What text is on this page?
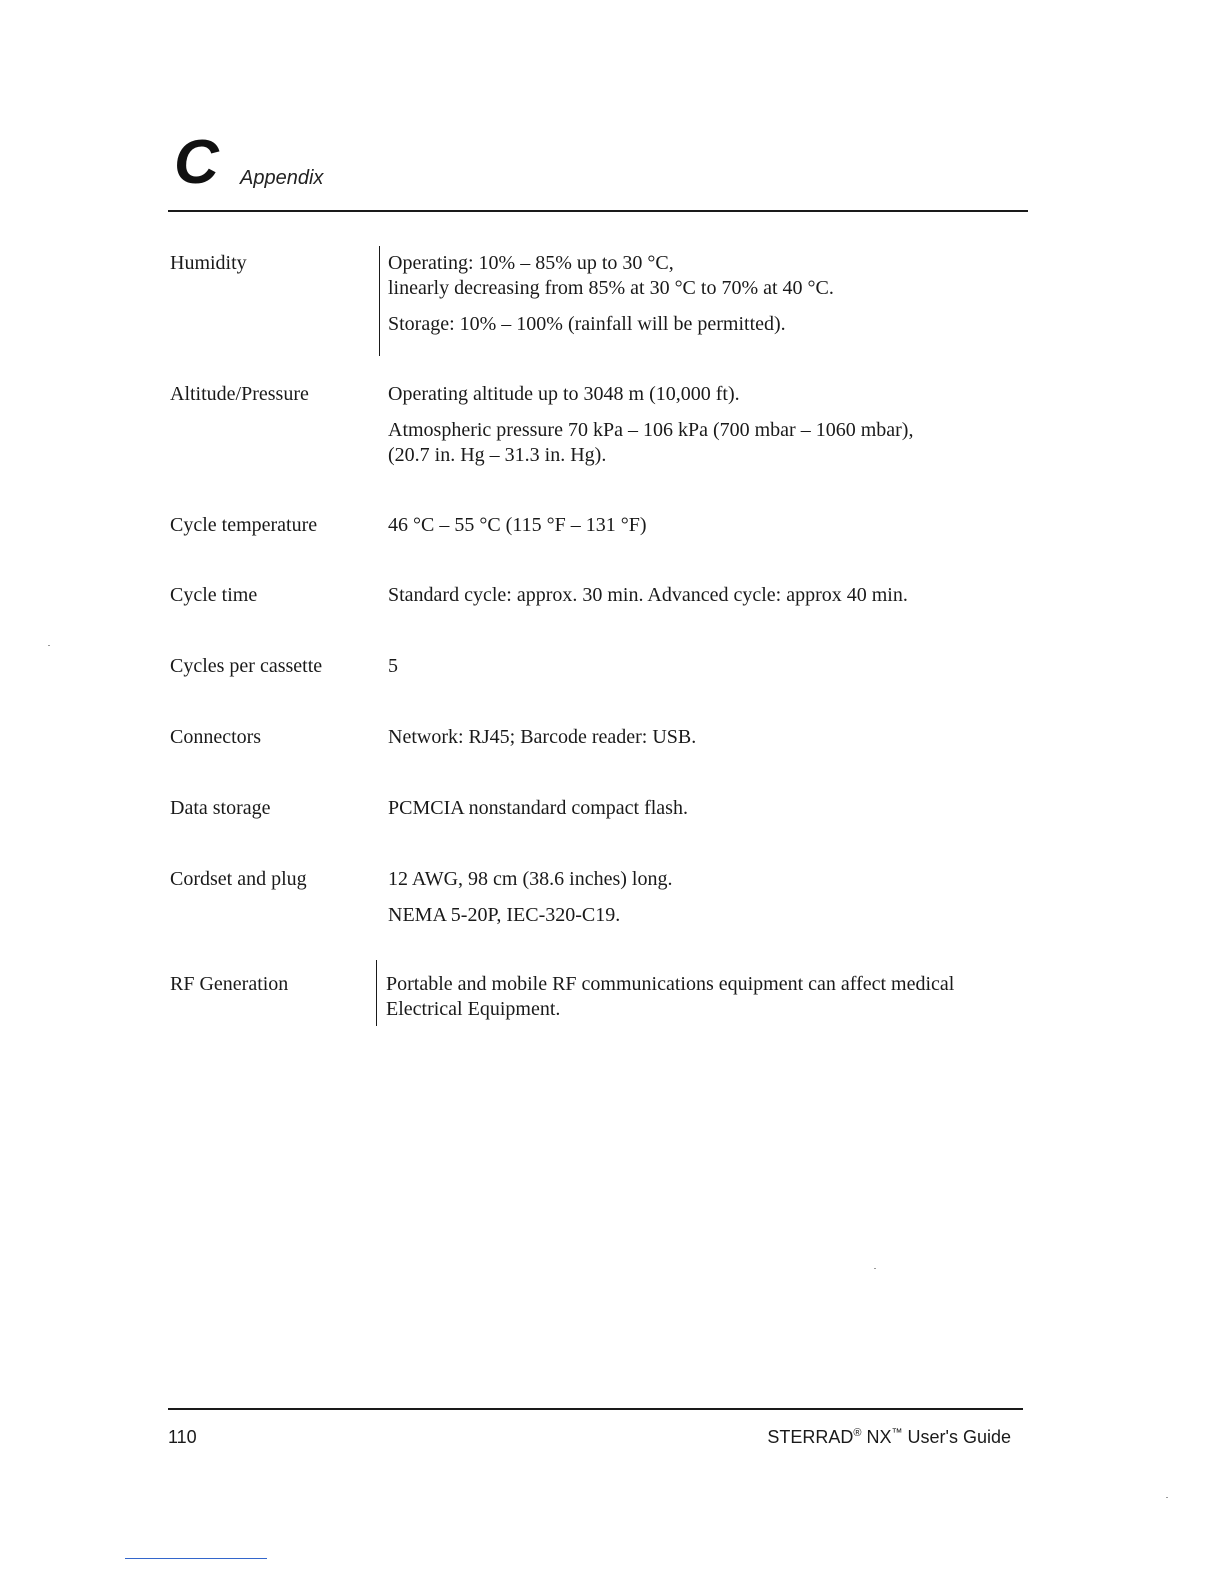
C Appendix
Humidity	Operating: 10% – 85% up to 30 °C,
linearly decreasing from 85% at 30 °C to 70% at 40 °C.

Storage: 10% – 100% (rainfall will be permitted).

Altitude/Pressure	Operating altitude up to 3048 m (10,000 ft).

Atmospheric pressure 70 kPa – 106 kPa (700 mbar – 1060 mbar),
(20.7 in. Hg – 31.3 in. Hg).

Cycle temperature	46 °C – 55 °C (115 °F – 131 °F)

Cycle time	Standard cycle: approx. 30 min. Advanced cycle: approx 40 min.

Cycles per cassette	5

Connectors	Network: RJ45; Barcode reader: USB.

Data storage	PCMCIA nonstandard compact flash.

Cordset and plug	12 AWG, 98 cm (38.6 inches) long.

NEMA 5-20P, IEC-320-C19.

RF Generation	Portable and mobile RF communications equipment can affect medical
Electrical Equipment.

110	STERRAD® NX™ User's Guide
